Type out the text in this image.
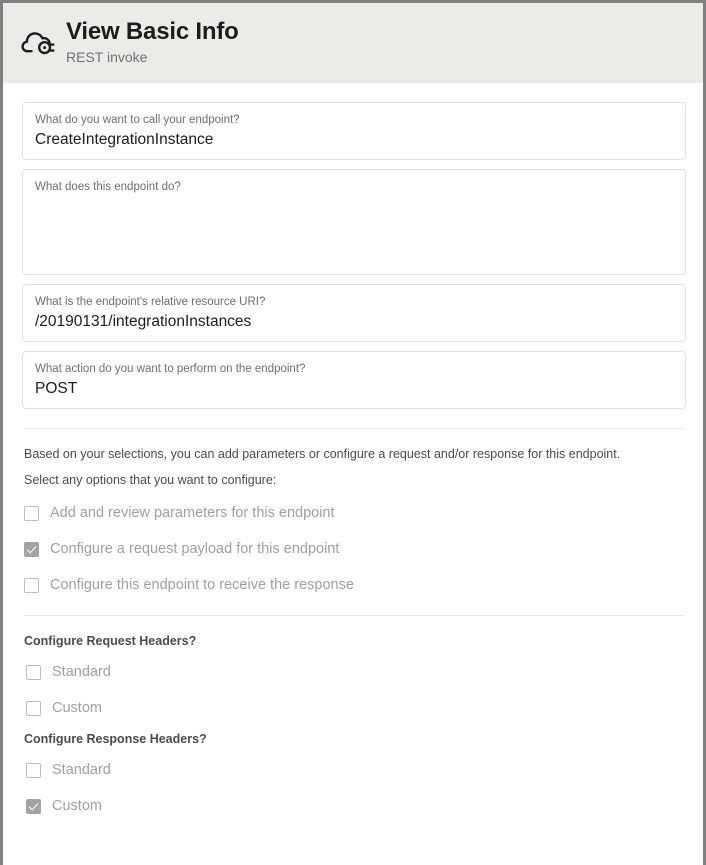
View Basic Info
REST invoke
What do you want to call your endpoint?
CreateIntegrationInstance
What does this endpoint do?
What is the endpoint's relative resource URI?
/20190131/integrationInstances
What action do you want to perform on the endpoint?
POST
Based on your selections, you can add parameters or configure a request and/or response for this endpoint.
Select any options that you want to configure:
Add and review parameters for this endpoint
Configure a request payload for this endpoint
Configure this endpoint to receive the response
Configure Request Headers?
Standard
Custom
Configure Response Headers?
Standard
Custom
